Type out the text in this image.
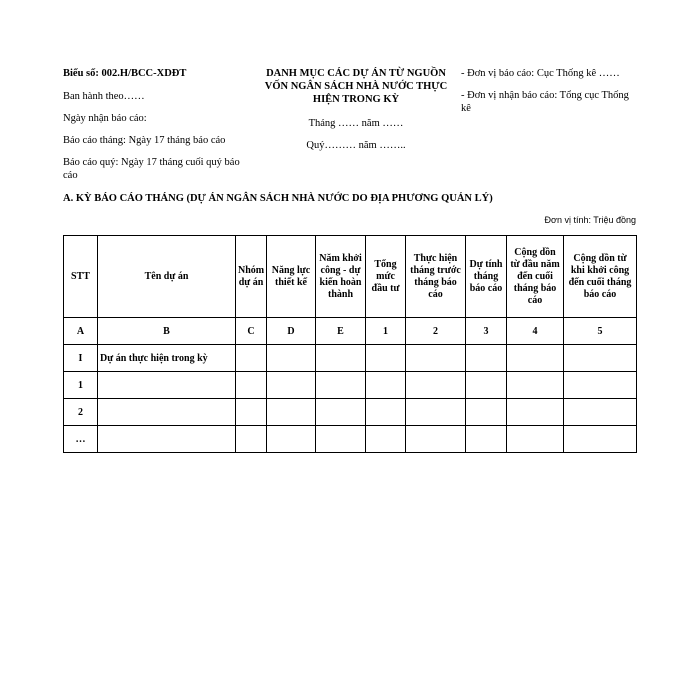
Biểu số: 002.H/BCC-XDĐT
Ban hành theo……
Ngày nhận báo cáo:
Báo cáo tháng: Ngày 17 tháng báo cáo
Báo cáo quý: Ngày 17 tháng cuối quý báo cáo
DANH MỤC CÁC DỰ ÁN TỪ NGUỒN VỐN NGÂN SÁCH NHÀ NƯỚC THỰC HIỆN TRONG KỲ
Tháng …… năm ……
Quý……… năm ……..
- Đơn vị báo cáo: Cục Thống kê ……
- Đơn vị nhận báo cáo: Tổng cục Thống kê
A. KỲ BÁO CÁO THÁNG (DỰ ÁN NGÂN SÁCH NHÀ NƯỚC DO ĐỊA PHƯƠNG QUẢN LÝ)
Đơn vị tính: Triệu đồng
STT	Tên dự án	Nhóm dự án	Năng lực thiết kế	Năm khởi công - dự kiến hoàn thành	Tổng mức đầu tư	Thực hiện tháng trước tháng báo cáo	Dự tính tháng báo cáo	Cộng dồn từ đầu năm đến cuối tháng báo cáo	Cộng dồn từ khi khởi công đến cuối tháng báo cáo
A	B	C	D	E	1	2	3	4	5
I	Dự án thực hiện trong kỳ								
1									
2									
…									
